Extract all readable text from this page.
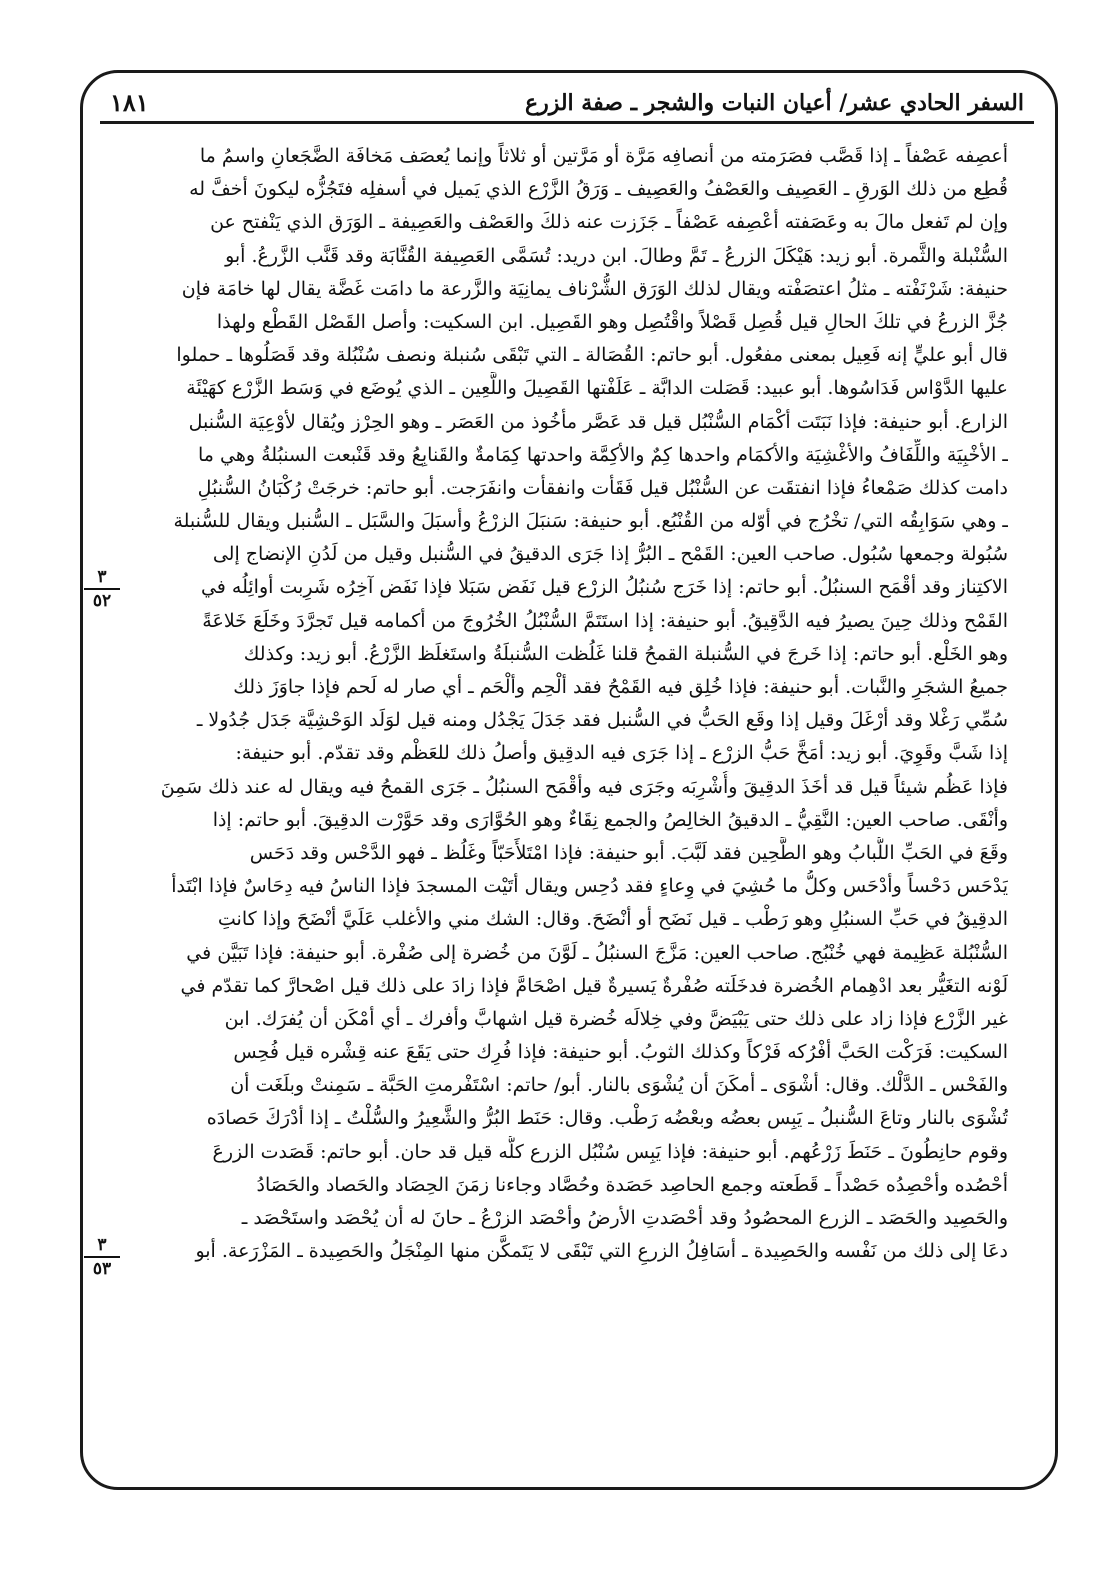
السفر الحادي عشر/ أعيان النبات والشجر ـ صفة الزرع
١٨١
٣
٥٢
٣
٥٣
أعصِفه عَصْفاً ـ إذا قَصَّب فصَرَمته من أنصافِه مَرَّة أو مَرَّتين أو ثلاثاً وإنما يُعصَف مَخافَة الضَّجَعانِ واسمُ ما
قُطِع من ذلك الوَرقِ ـ العَصِيف والعَصْفُ والعَصِيف ـ وَرَقُ الزَّرْع الذي يَميل في أسفلِه فتَجُزُّه ليكونَ أخفَّ له
وإن لم تَفعل مالَ به وعَصَفته أعْصِفه عَصْفاً ـ جَزَزت عنه ذلكَ والعَصْف والعَصِيفة ـ الوَرَق الذي يَنْفتح عن
السُّنْبلة والثَّمرة. أبو زيد: هَيْكَلَ الزرعُ ـ تَمَّ وطالَ. ابن دريد: تُسَمَّى العَصِيفة القُنَّابَة وقد قَنَّب الزَّرعُ. أبو
حنيفة: شَرْنَفْته ـ مثلُ اعتصَفْته ويقال لذلك الوَرَق الشُّرْناف يمانِيَة والزَّرعة ما دامَت غَضَّة يقال لها خامَة فإن
جُزَّ الزرعُ في تلكَ الحالِ قيل قُصِل قَصْلاً واقْتُصِل وهو القَصِيل. ابن السكيت: وأصل القَصْل القَطْع ولهذا
قال أبو عليٍّ إنه فَعِيل بمعنى مفعُول. أبو حاتم: القُصَالة ـ التي تَبْقَى سُنبلة ونصف سُنْبُلة وقد قَصَلُوها ـ حملوا
عليها الدَّوْاس فَدَاسُوها. أبو عبيد: قَصَلت الدابَّة ـ عَلَفْتها القَصِيلَ واللَّعِين ـ الذي يُوضَع في وَسَط الزَّرْع كهَيْئَة
الزارع. أبو حنيفة: فإذا نَبَتَت أكْمَام السُّنْبُل قيل قد عَصَّر مأخُوذ من العَصَر ـ وهو الحِرْز ويُقال لأوْعِيَة السُّنبل
ـ الأخْبِيَة واللِّفَافُ والأغْشِيَة والأكمَام واحدها كِمٌ والأكِمَّة واحدتها كِمَامةٌ والقَنابِعُ وقد قَنْبعت السنبُلةُ وهي ما
دامت كذلك صَمْعاءُ فإذا انفتقَت عن السُّنْبُل قيل فَقَأت وانفقأت وانفَرَجت. أبو حاتم: خرجَتْ رُكْبَانُ السُّنبُلِ
ـ وهي سَوَابِقُه التي/ تخْرُج في أوّله من القُنْبُع. أبو حنيفة: سَنبَلَ الزرْعُ وأسبَلَ والسَّبَل ـ السُّنبل ويقال للسُّنبلة
سُبُولة وجمعها سُبُول. صاحب العين: القَمْح ـ البُرُّ إذا جَرَى الدقيقُ في السُّنبل وقيل من لَدُنِ الإنضاج إلى
الاكتِناز وقد أقْمَح السنبُلُ. أبو حاتم: إذا خَرَج سُنبُلُ الزرْع قيل نَفَض سَبَلا فإذا نَفَض آخِرُه شَرِبت أوائِلُه في
القَمْح وذلك حِينَ يصيرُ فيه الدَّقِيقُ. أبو حنيفة: إذا استَتَمَّ السُّنْبُلُ الخُرُوجَ من أكمامه قيل تَجرَّدَ وخَلَعَ خَلاعَةً
وهو الخَلْع. أبو حاتم: إذا خَرجَ في السُّنبلة القمحُ قلنا غَلُظت السُّنبلَةُ واستَغلَظ الزَّرْعُ. أبو زيد: وكذلك
جميعُ الشجَرِ والنَّبات. أبو حنيفة: فإذا خُلِق فيه القَمْحُ فقد ألْحِم وألْحَم ـ أي صار له لَحم فإذا جاوَزَ ذلك
سُمِّي رَغْلا وقد أرْغَلَ وقيل إذا وقَع الحَبُّ في السُّنبل فقد جَدَلَ يَجْدُل ومنه قيل لوَلَد الوَحْشِيَّة جَدَل جُدُولا ـ
إذا شَبَّ وقَوِيَ. أبو زيد: أمَخَّ حَبُّ الزرْع ـ إذا جَرَى فيه الدقِيق وأصلُ ذلك للعَظْم وقد تقدّم. أبو حنيفة:
فإذا عَظُم شيئاً قيل قد أخَذَ الدقِيقَ وأُشْرِبَه وجَرَى فيه وأقْمَح السنبُلُ ـ جَرَى القمحُ فيه ويقال له عند ذلك سَمِنَ
وأنْقَى. صاحب العين: النَّقِيُّ ـ الدقيقُ الخالِصُ والجمع نِقَاءٌ وهو الحُوَّارَى وقد حَوَّرْت الدقِيقَ. أبو حاتم: إذا
وقَعَ في الحَبِّ اللُّبابُ وهو الطَّحِين فقد لَبَّبَ. أبو حنيفة: فإذا امْتَلأَحَبّاً وغَلُظ ـ فهو الدَّحْس وقد دَحَس
يَدْحَس دَحْساً وأدْحَس وكلُّ ما حُشِيَ في وِعاءٍ فقد دُحِس ويقال أتَيْت المسجدَ فإذا الناسُ فيه دِحَاسٌ فإذا ابْتَدأ
الدقِيقُ في حَبِّ السنبُلِ وهو رَطْب ـ قيل نَضَح أو أنْضَحَ. وقال: الشك مني والأغلب عَلَيَّ أنْضَحَ وإذا كانتِ
السُّنْبُلة عَظِيمة فهي خُنْبُج. صاحب العين: مَزَّجَ السنبُلُ ـ لَوَّنَ من خُضرة إلى صُفْرة. أبو حنيفة: فإذا تَبَيَّن في
لَوْنه التغَيُّر بعد ادْهِمام الخُضرة فدخَلَته صُفْرةٌ يَسيرةٌ قيل اصْحَامَّ فإذا زادَ على ذلك قيل اصْحارَّ كما تقدّم في
غير الزَّرْع فإذا زاد على ذلك حتى يَبْيَضَّ وفي خِلالَه خُضرة قيل اشهابَّ وأفرك ـ أي أمْكَن أن يُفرَك. ابن
السكيت: فَرَكْت الحَبَّ أفْرُكه فَرْكاً وكذلك الثوبُ. أبو حنيفة: فإذا فُرِك حتى يَقَعَ عنه قِشْره قيل فُحِس
والفَحْس ـ الدَّلْك. وقال: أشْوَى ـ أمكَنَ أن يُشْوَى بالنار. أبو/ حاتم: اسْتَفْرمتِ الحَبَّة ـ سَمِنتْ وبلَغَت أن
تُشْوَى بالنار وتاعَ السُّنبلُ ـ يَبِس بعضُه وبعْضُه رَطْب. وقال: حَنَط البُرُّ والشَّعِيرُ والسُّلْتُ ـ إذا أدْرَكَ حَصادَه
وقوم حانِطُونَ ـ حَنَطَ زَرْعُهم. أبو حنيفة: فإذا يَبِس سُنْبُل الزرع كلُّه قيل قد حان. أبو حاتم: قَصَدت الزرعَ
أحْصُده وأحْصِدُه حَصْداً ـ قَطَعته وجمع الحاصِد حَصَدة وحُصَّاد وجاءنا زمَنَ الحِصَاد والحَصاد والحَصَادُ
والحَصِيد والحَصَد ـ الزرع المحصُودُ وقد أحْصَدتِ الأرضُ وأحْصَد الزرْعُ ـ حانَ له أن يُحْصَد واستَحْصَد ـ
دعَا إلى ذلك من نَفْسه والحَصِيدة ـ أسَافِلُ الزرعِ التي تَبْقَى لا يَتَمكَّن منها المِنْجَلُ والحَصِيدة ـ المَزْرَعة. أبو
